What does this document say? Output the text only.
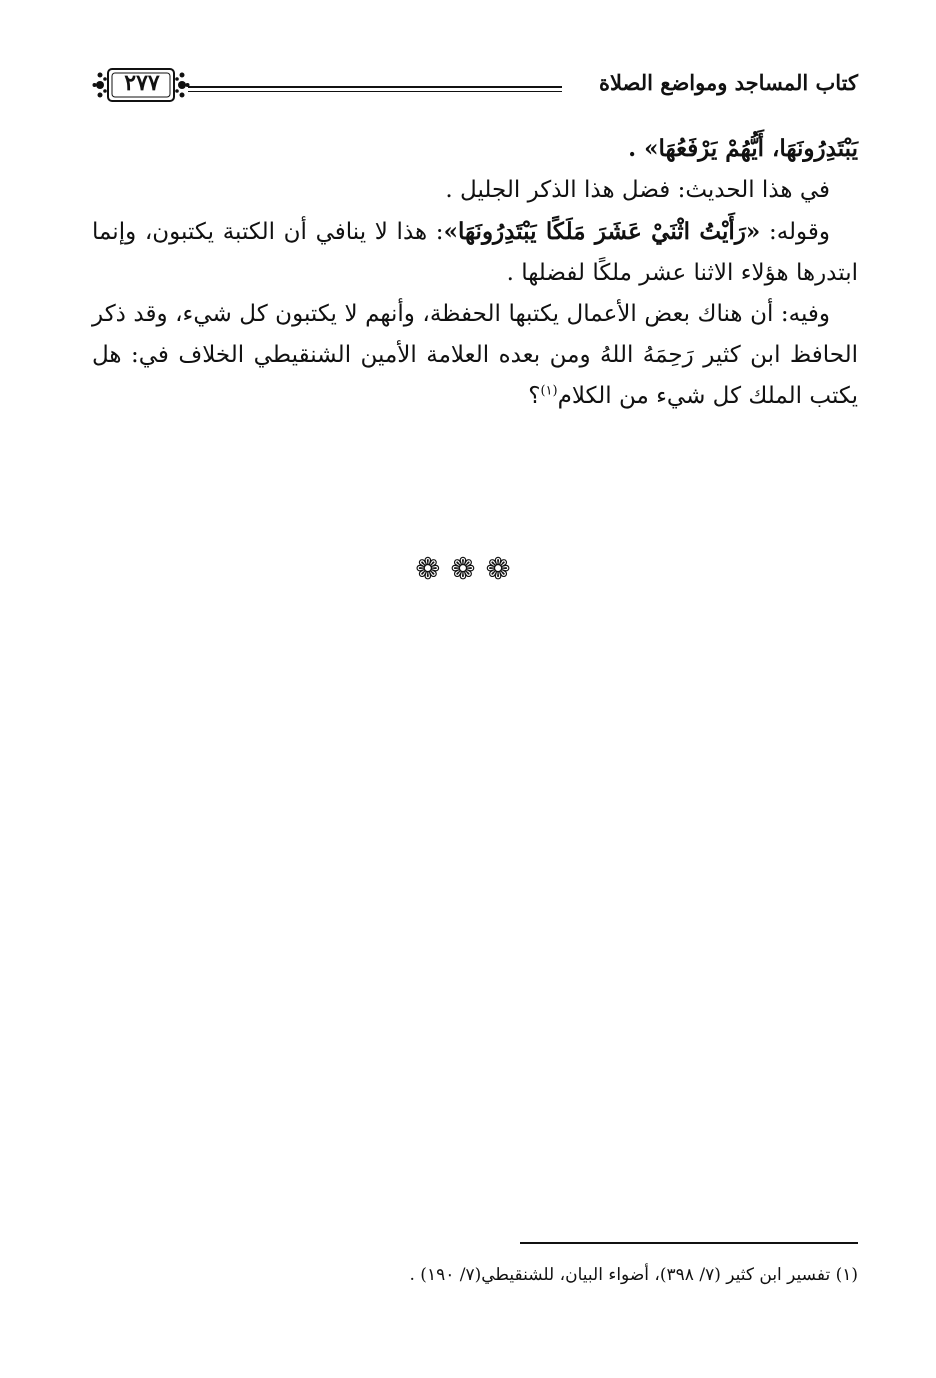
٢٧٧	كتاب المساجد ومواضع الصلاة

يَبْتَدِرُونَهَا، أَيُّهُمْ يَرْفَعُهَا» .

في هذا الحديث: فضل هذا الذكر الجليل .

وقوله: «رَأَيْتُ اثْنَيْ عَشَرَ مَلَكًا يَبْتَدِرُونَهَا»: هذا لا ينافي أن الكتبة يكتبون، وإنما ابتدرها هؤلاء الاثنا عشر ملكًا لفضلها .

وفيه: أن هناك بعض الأعمال يكتبها الحفظة، وأنهم لا يكتبون كل شيء، وقد ذكر الحافظ ابن كثير رَحِمَهُ اللهُ ومن بعده العلامة الأمين الشنقيطي الخلاف في: هل يكتب الملك كل شيء من الكلام$^{(١)}$؟

❁❁❁
(١) تفسير ابن كثير (٧/ ٣٩٨)، أضواء البيان، للشنقيطي(٧/ ١٩٠) .
